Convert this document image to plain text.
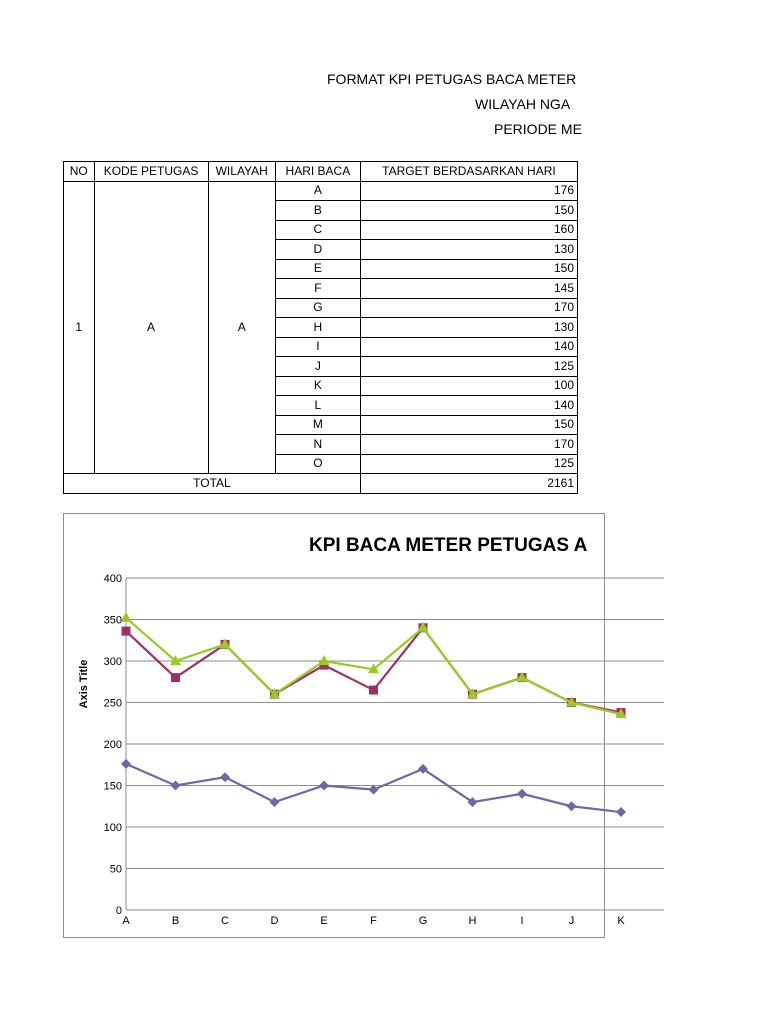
FORMAT KPI PETUGAS BACA METER
WILAYAH NGA
PERIODE ME
NO	KODE PETUGAS	WILAYAH	HARI BACA	TARGET BERDASARKAN HARI
1	A	A	A	176
			B	150
			C	160
			D	130
			E	150
			F	145
			G	170
			H	130
			I	140
			J	125
			K	100
			L	140
			M	150
			N	170
			O	125
TOTAL				2161
KPI BACA METER PETUGAS A
0
50
100
150
200
250
300
350
400
Axis Title
A	B	C	D	E	F	G	H	I	J	K
